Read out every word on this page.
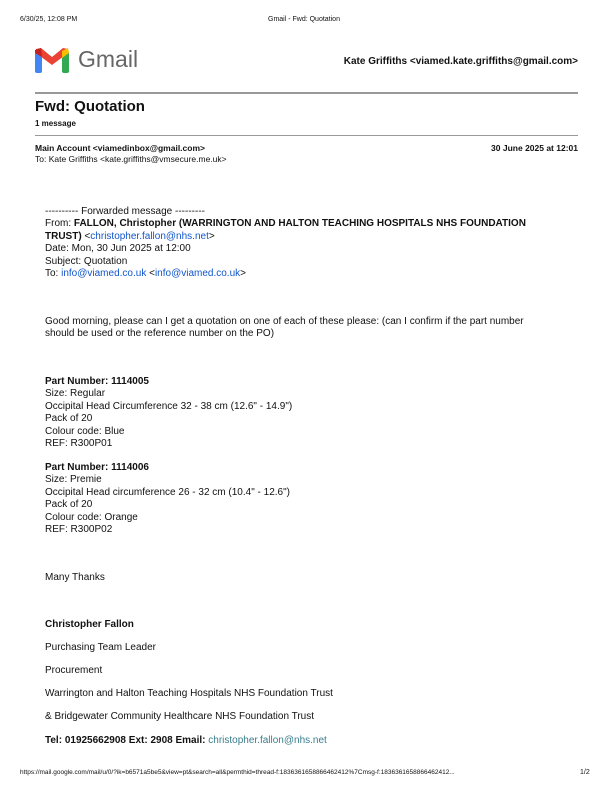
6/30/25, 12:08 PM	Gmail - Fwd: Quotation
Gmail	Kate Griffiths <viamed.kate.griffiths@gmail.com>
Fwd: Quotation
1 message
Main Account <viamedinbox@gmail.com>
To: Kate Griffiths <kate.griffiths@vmsecure.me.uk>
30 June 2025 at 12:01
---------- Forwarded message ---------
From: FALLON, Christopher (WARRINGTON AND HALTON TEACHING HOSPITALS NHS FOUNDATION
TRUST) <christopher.fallon@nhs.net>
Date: Mon, 30 Jun 2025 at 12:00
Subject: Quotation
To: info@viamed.co.uk <info@viamed.co.uk>
Good morning, please can I get a quotation on one of each of these please: (can I confirm if the part number
should be used or the reference number on the PO)
Part Number: 1114005
Size: Regular
Occipital Head Circumference 32 - 38 cm (12.6" - 14.9")
Pack of 20
Colour code: Blue
REF: R300P01
Part Number: 1114006
Size: Premie
Occipital Head circumference 26 - 32 cm (10.4" - 12.6")
Pack of 20
Colour code: Orange
REF: R300P02
Many Thanks
Christopher Fallon
Purchasing Team Leader
Procurement
Warrington and Halton Teaching Hospitals NHS Foundation Trust
& Bridgewater Community Healthcare NHS Foundation Trust
Tel: 01925662908 Ext: 2908 Email: christopher.fallon@nhs.net
https://mail.google.com/mail/u/0/?ik=b6571a5be5&view=pt&search=all&permthid=thread-f:1836361658866462412%7Cmsg-f:1836361658866462412...	1/2
